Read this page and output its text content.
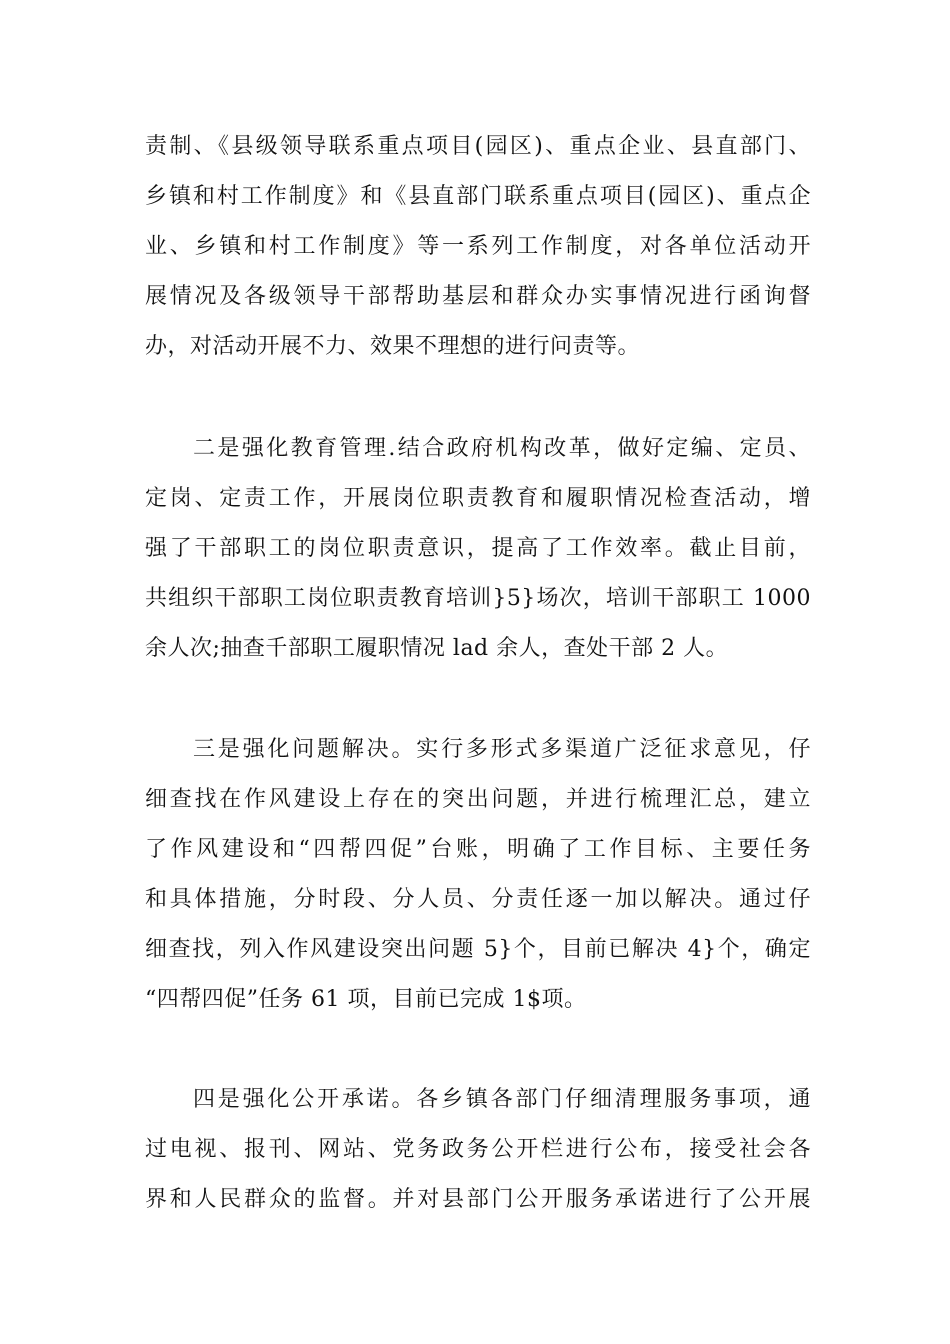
责制、《县级领导联系重点项目(园区)、重点企业、县直部门、
乡镇和村工作制度》和《县直部门联系重点项目(园区)、重点企
业、乡镇和村工作制度》等一系列工作制度，对各单位活动开
展情况及各级领导干部帮助基层和群众办实事情况进行函询督
办，对活动开展不力、效果不理想的进行问责等。
二是强化教育管理.结合政府机构改革，做好定编、定员、
定岗、定责工作，开展岗位职责教育和履职情况检查活动，增
强了干部职工的岗位职责意识，提高了工作效率。截止目前，
共组织干部职工岗位职责教育培训}5}场次，培训干部职工 1000
余人次;抽查千部职工履职情况 lad 余人，查处干部 2 人。
三是强化问题解决。实行多形式多渠道广泛征求意见，仔
细查找在作风建设上存在的突出问题，并进行梳理汇总，建立
了作风建设和“四帮四促”台账，明确了工作目标、主要任务
和具体措施，分时段、分人员、分责任逐一加以解决。通过仔
细查找，列入作风建设突出问题 5}个，目前已解决 4}个，确定
“四帮四促”任务 61 项，目前已完成 1$项。
四是强化公开承诺。各乡镇各部门仔细清理服务事项，通
过电视、报刊、网站、党务政务公开栏进行公布，接受社会各
界和人民群众的监督。并对县部门公开服务承诺进行了公开展
